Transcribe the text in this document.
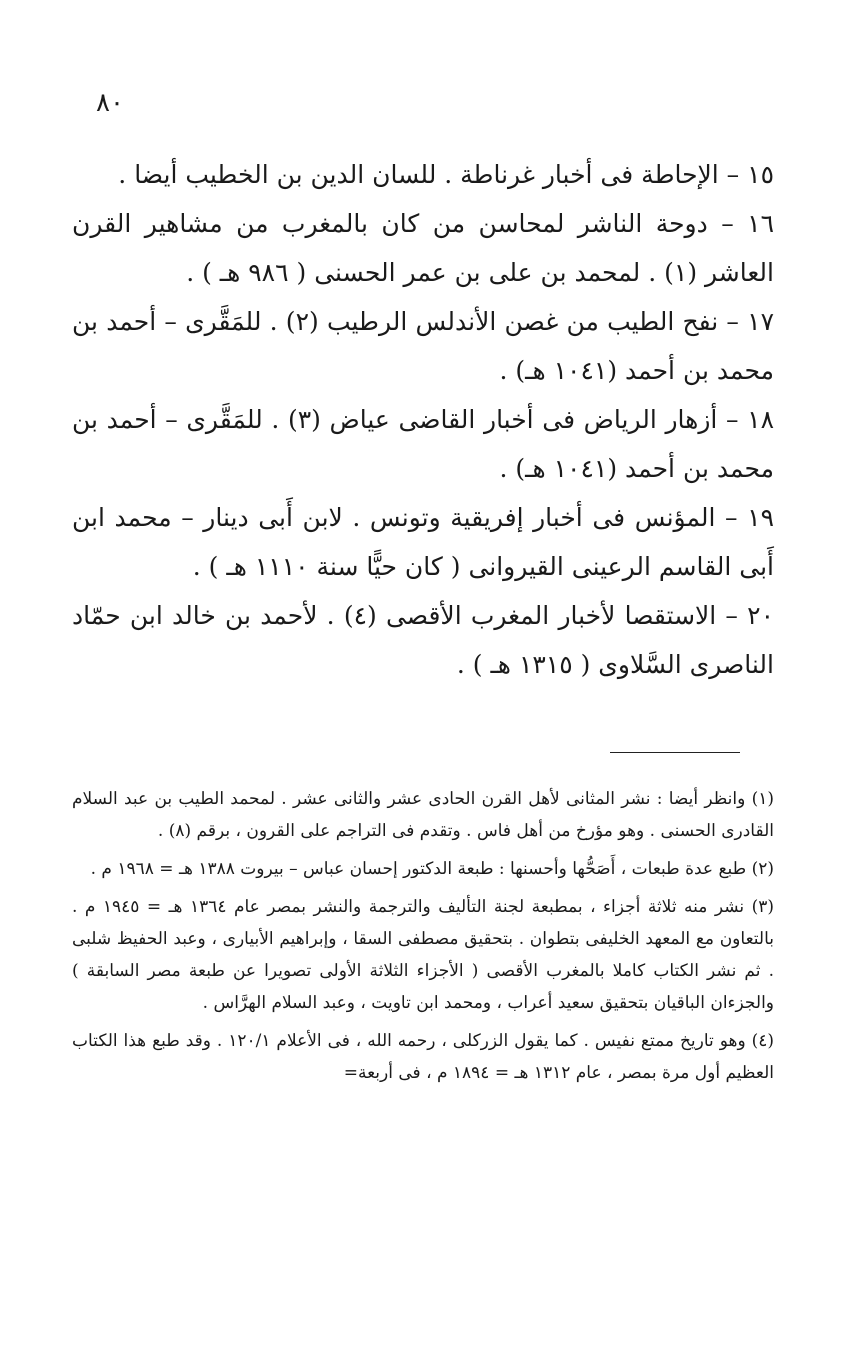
٨٠

١٥ – الإحاطة فى أخبار غرناطة . للسان الدين بن الخطيب أيضا .

١٦ – دوحة الناشر لمحاسن من كان بالمغرب من مشاهير القرن العاشر (١) . لمحمد بن على بن عمر الحسنى ( ٩٨٦ هـ ) .

١٧ – نفح الطيب من غصن الأندلس الرطيب (٢) . للمَقَّرى – أحمد بن محمد بن أحمد (١٠٤١ هـ) .

١٨ – أزهار الرياض فى أخبار القاضى عياض (٣) . للمَقَّرى – أحمد بن محمد بن أحمد (١٠٤١ هـ) .

١٩ – المؤنس فى أخبار إفريقية وتونس . لابن أَبى دينار – محمد ابن أَبى القاسم الرعينى القيروانى ( كان حيًّا سنة ١١١٠ هـ ) .

٢٠ – الاستقصا لأخبار المغرب الأقصى (٤) . لأحمد بن خالد ابن حمّاد الناصرى السَّلاوى ( ١٣١٥ هـ ) .

(١) وانظر أيضا : نشر المثانى لأهل القرن الحادى عشر والثانى عشر . لمحمد الطيب بن عبد السلام القادرى الحسنى . وهو مؤرخ من أهل فاس . وتقدم فى التراجم على القرون ، برقم (٨) .

(٢) طبع عدة طبعات ، أَصَحُّها وأحسنها : طبعة الدكتور إحسان عباس – بيروت ١٣٨٨ هـ = ١٩٦٨ م .

(٣) نشر منه ثلاثة أجزاء ، بمطبعة لجنة التأليف والترجمة والنشر بمصر عام ١٣٦٤ هـ = ١٩٤٥ م . بالتعاون مع المعهد الخليفى بتطوان . بتحقيق مصطفى السقا ، وإبراهيم الأبيارى ، وعبد الحفيظ شلبى . ثم نشر الكتاب كاملا بالمغرب الأقصى ( الأجزاء الثلاثة الأولى تصويرا عن طبعة مصر السابقة ) والجزءان الباقيان بتحقيق سعيد أعراب ، ومحمد ابن تاويت ، وعبد السلام الهرَّاس .

(٤) وهو تاريخ ممتع نفيس . كما يقول الزركلى ، رحمه الله ، فى الأعلام ١٢٠/١ . وقد طبع هذا الكتاب العظيم أول مرة بمصر ، عام ١٣١٢ هـ = ١٨٩٤ م ، فى أربعة=
